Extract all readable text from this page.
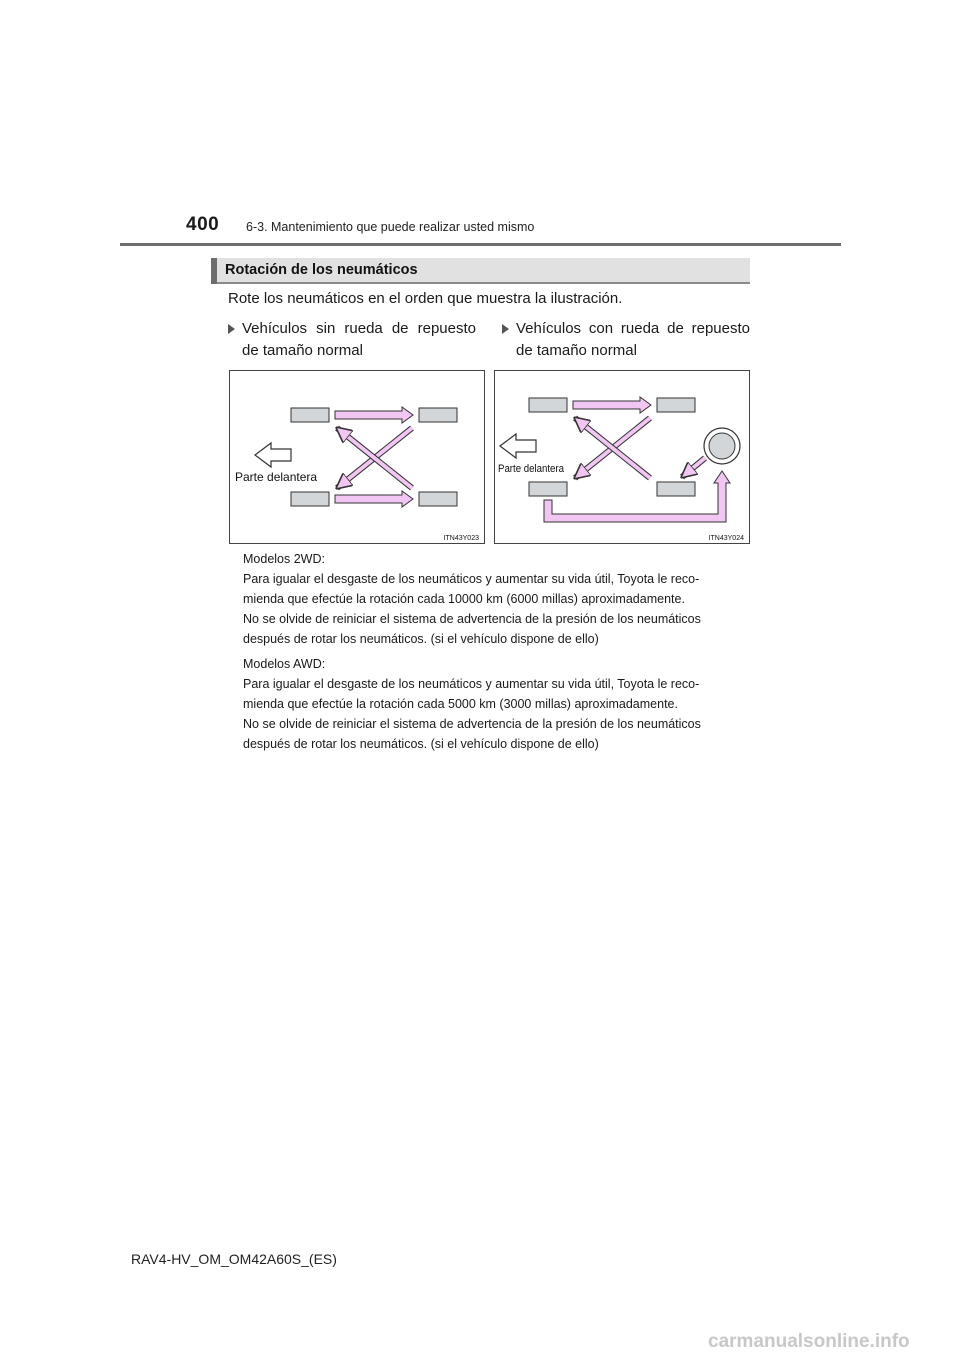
400 6-3. Mantenimiento que puede realizar usted mismo
Rotación de los neumáticos
Rote los neumáticos en el orden que muestra la ilustración.
Vehículos sin rueda de repuesto de tamaño normal
Vehículos con rueda de repuesto de tamaño normal
Parte delantera
ITN43Y023
Parte delantera
ITN43Y024
Modelos 2WD:
Para igualar el desgaste de los neumáticos y aumentar su vida útil, Toyota le reco-
mienda que efectúe la rotación cada 10000 km (6000 millas) aproximadamente.
No se olvide de reiniciar el sistema de advertencia de la presión de los neumáticos
después de rotar los neumáticos. (si el vehículo dispone de ello)
Modelos AWD:
Para igualar el desgaste de los neumáticos y aumentar su vida útil, Toyota le reco-
mienda que efectúe la rotación cada 5000 km (3000 millas) aproximadamente.
No se olvide de reiniciar el sistema de advertencia de la presión de los neumáticos
después de rotar los neumáticos. (si el vehículo dispone de ello)
RAV4-HV_OM_OM42A60S_(ES)
carmanualsonline.info
